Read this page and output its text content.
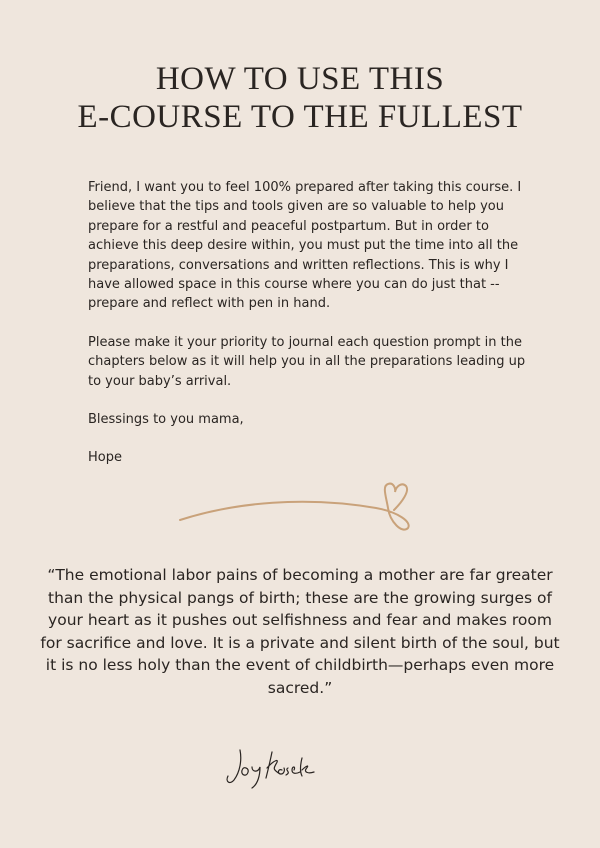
HOW TO USE THIS
E-COURSE TO THE FULLEST

Friend, I want you to feel 100% prepared after taking this course. I believe that the tips and tools given are so valuable to help you prepare for a restful and peaceful postpartum. But in order to achieve this deep desire within, you must put the time into all the preparations, conversations and written reflections. This is why I have allowed space in this course where you can do just that -- prepare and reflect with pen in hand.

Please make it your priority to journal each question prompt in the chapters below as it will help you in all the preparations leading up to your baby’s arrival.

Blessings to you mama,

Hope

“The emotional labor pains of becoming a mother are far greater than the physical pangs of birth; these are the growing surges of your heart as it pushes out selfishness and fear and makes room for sacrifice and love. It is a private and silent birth of the soul, but it is no less holy than the event of childbirth—perhaps even more sacred.”
